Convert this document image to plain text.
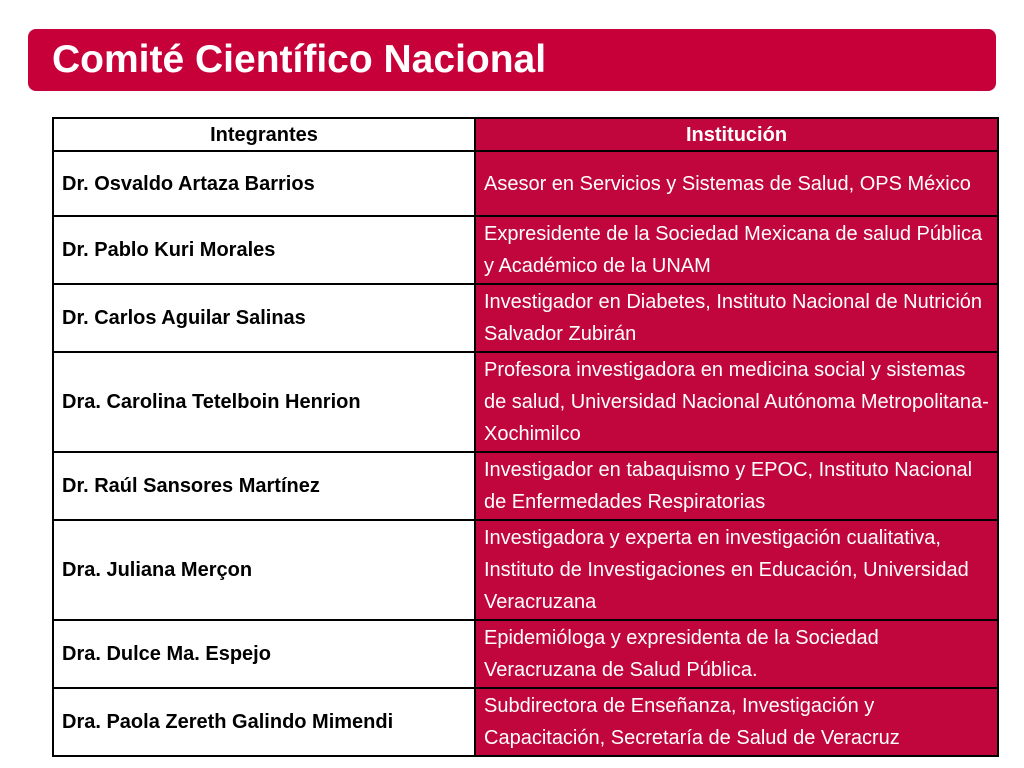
Comité Científico Nacional
Integrantes	Institución
Dr. Osvaldo Artaza Barrios	Asesor en Servicios y Sistemas de Salud, OPS México
Dr. Pablo Kuri Morales	Expresidente de la Sociedad Mexicana de salud Pública y Académico de la UNAM
Dr. Carlos Aguilar Salinas	Investigador en Diabetes, Instituto Nacional de Nutrición Salvador Zubirán
Dra. Carolina Tetelboin Henrion	Profesora investigadora en medicina social y sistemas de salud, Universidad Nacional Autónoma Metropolitana-Xochimilco
Dr. Raúl Sansores Martínez	Investigador en tabaquismo y EPOC, Instituto Nacional de Enfermedades Respiratorias
Dra. Juliana Merçon	Investigadora y experta en investigación cualitativa, Instituto de Investigaciones en Educación, Universidad Veracruzana
Dra. Dulce Ma. Espejo	Epidemióloga y expresidenta de la Sociedad Veracruzana de Salud Pública.
Dra. Paola Zereth Galindo Mimendi	Subdirectora de Enseñanza, Investigación y Capacitación, Secretaría de Salud de Veracruz
